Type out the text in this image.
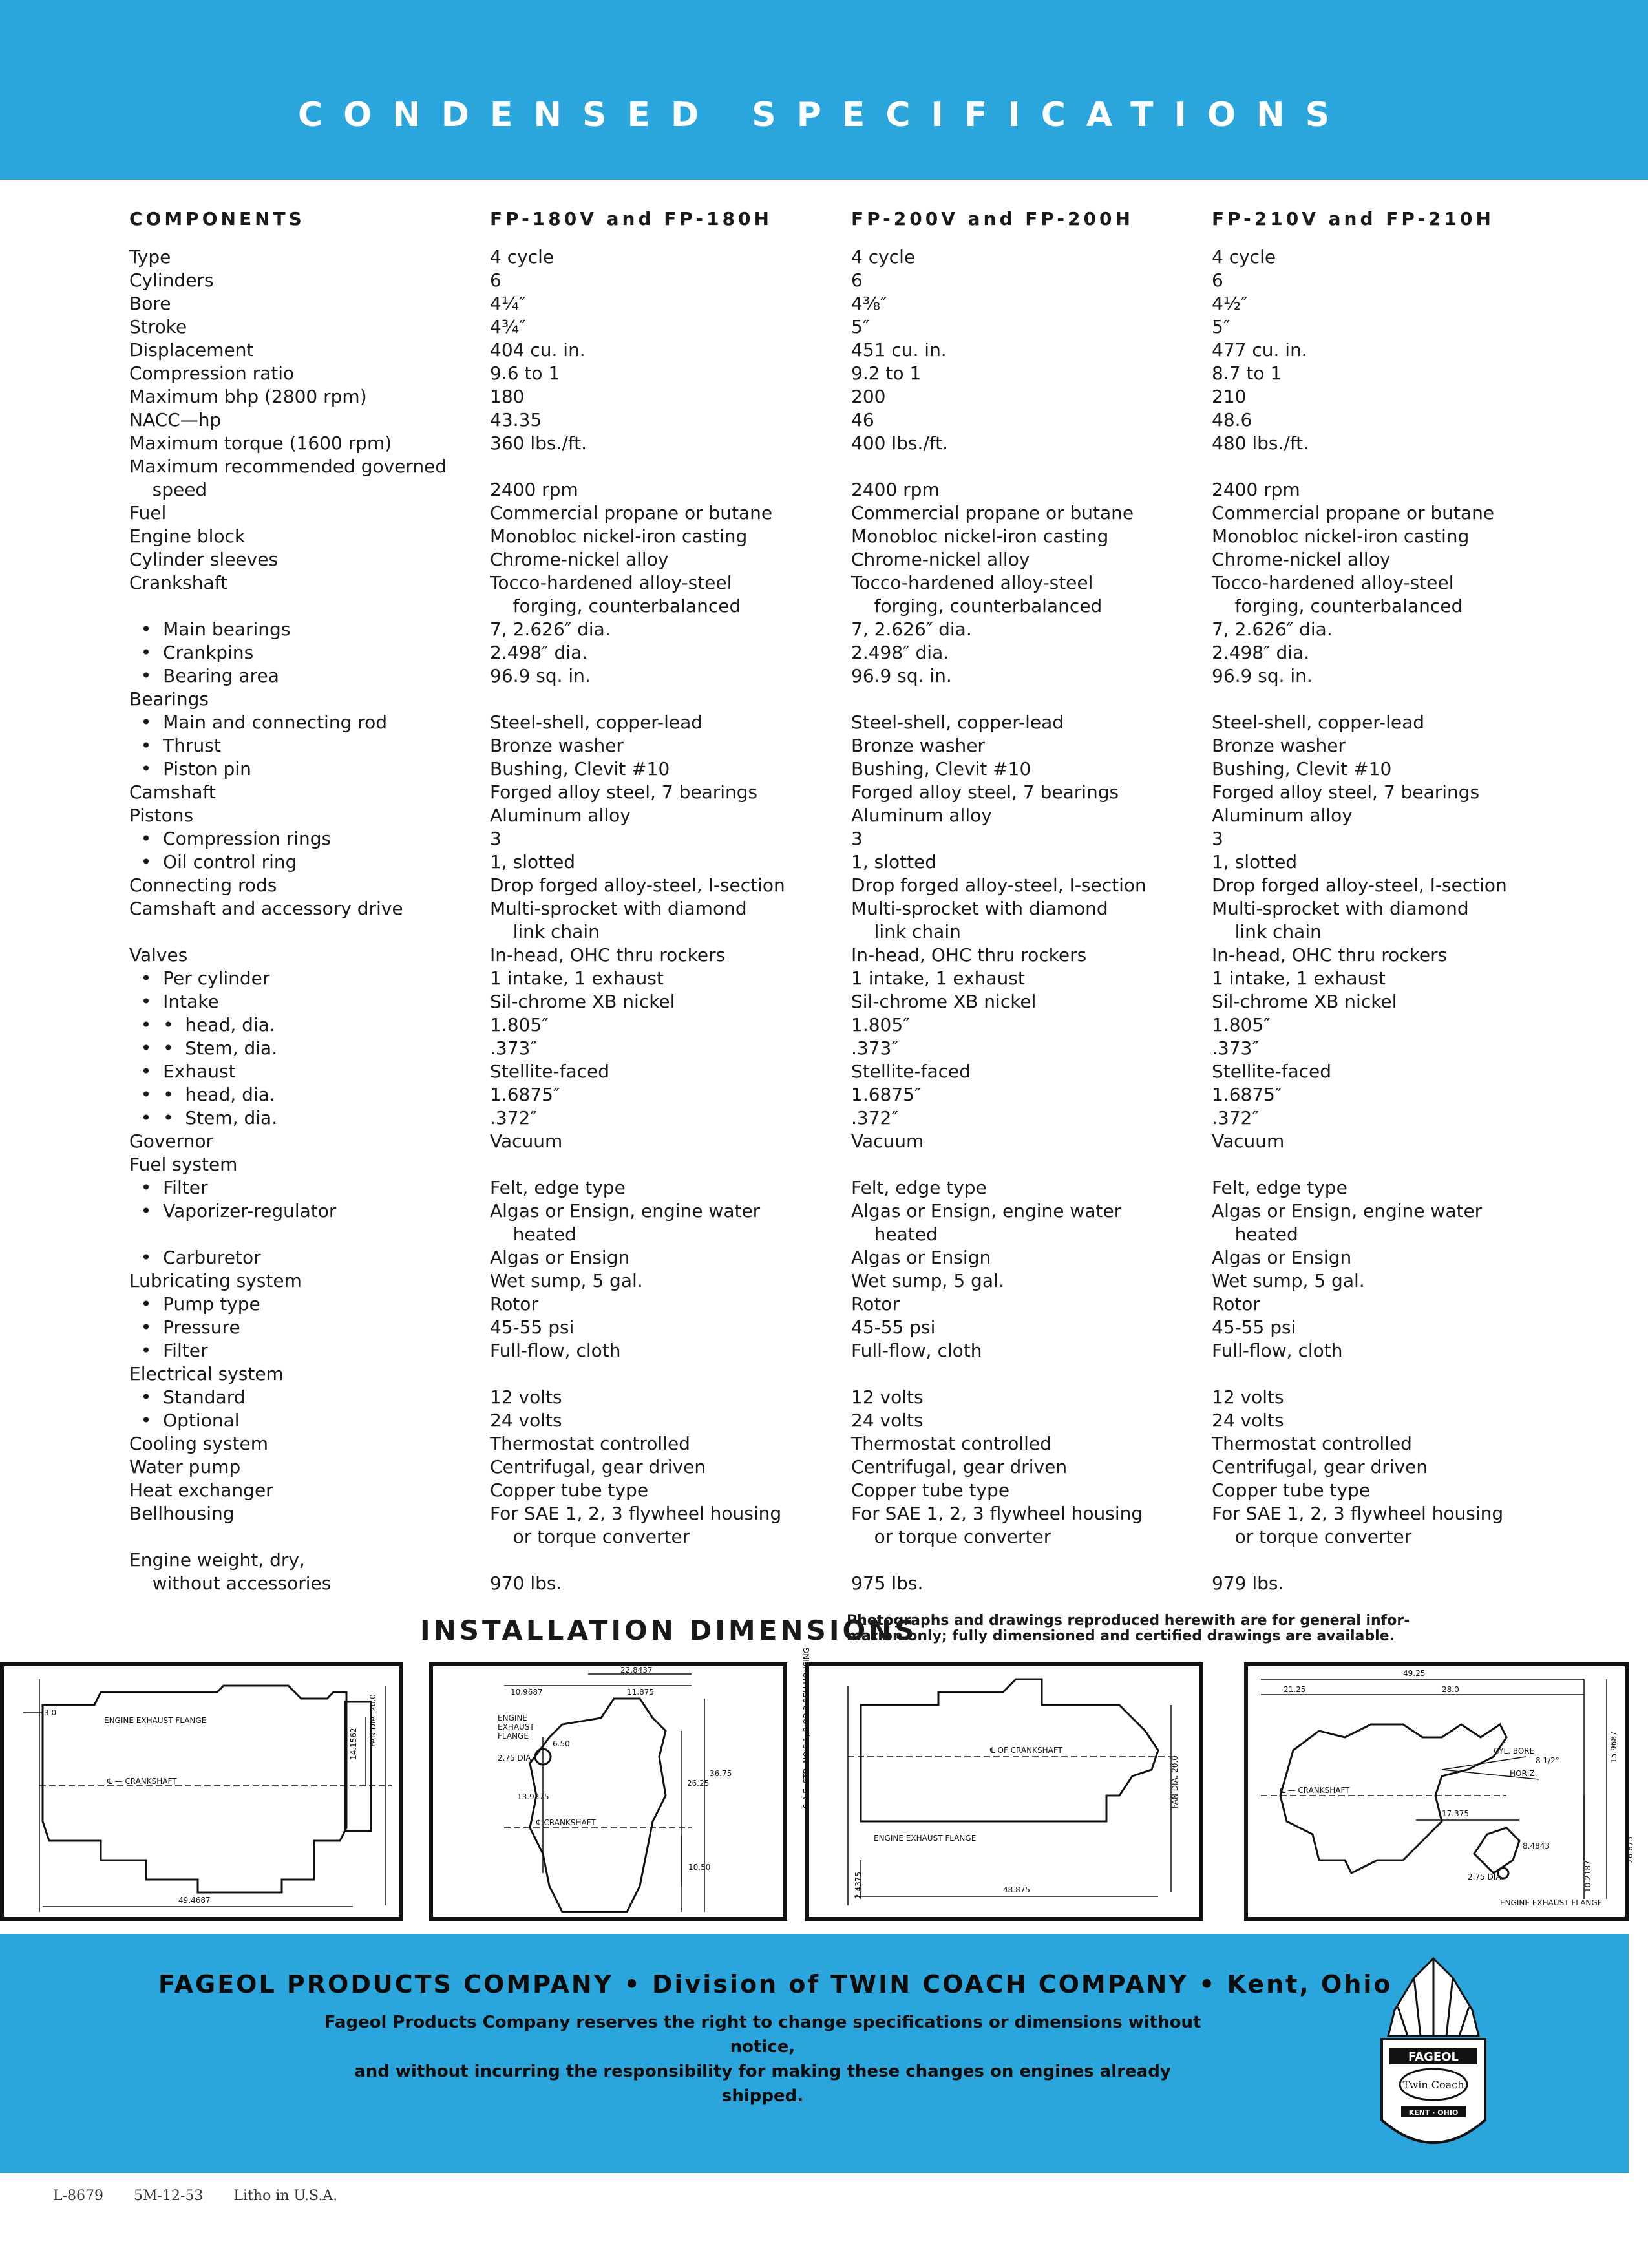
CONDENSED SPECIFICATIONS
COMPONENTS	FP-180V and FP-180H	FP-200V and FP-200H	FP-210V and FP-210H
Type	4 cycle	4 cycle	4 cycle
Cylinders	6	6	6
Bore	4¼″	4⅜″	4½″
Stroke	4¾″	5″	5″
Displacement	404 cu. in.	451 cu. in.	477 cu. in.
Compression ratio	9.6 to 1	9.2 to 1	8.7 to 1
Maximum bhp (2800 rpm)	180	200	210
NACC—hp	43.35	46	48.6
Maximum torque (1600 rpm)	360 lbs./ft.	400 lbs./ft.	480 lbs./ft.
Maximum recommended governed
speed	2400 rpm	2400 rpm	2400 rpm
Fuel	Commercial propane or butane	Commercial propane or butane	Commercial propane or butane
Engine block	Monobloc nickel-iron casting	Monobloc nickel-iron casting	Monobloc nickel-iron casting
Cylinder sleeves	Chrome-nickel alloy	Chrome-nickel alloy	Chrome-nickel alloy
Crankshaft	Tocco-hardened alloy-steel	Tocco-hardened alloy-steel	Tocco-hardened alloy-steel
forging, counterbalanced	forging, counterbalanced	forging, counterbalanced
•  Main bearings	7, 2.626″ dia.	7, 2.626″ dia.	7, 2.626″ dia.
•  Crankpins	2.498″ dia.	2.498″ dia.	2.498″ dia.
•  Bearing area	96.9 sq. in.	96.9 sq. in.	96.9 sq. in.
Bearings
•  Main and connecting rod	Steel-shell, copper-lead	Steel-shell, copper-lead	Steel-shell, copper-lead
•  Thrust	Bronze washer	Bronze washer	Bronze washer
•  Piston pin	Bushing, Clevit #10	Bushing, Clevit #10	Bushing, Clevit #10
Camshaft	Forged alloy steel, 7 bearings	Forged alloy steel, 7 bearings	Forged alloy steel, 7 bearings
Pistons	Aluminum alloy	Aluminum alloy	Aluminum alloy
•  Compression rings	3	3	3
•  Oil control ring	1, slotted	1, slotted	1, slotted
Connecting rods	Drop forged alloy-steel, I-section	Drop forged alloy-steel, I-section	Drop forged alloy-steel, I-section
Camshaft and accessory drive	Multi-sprocket with diamond	Multi-sprocket with diamond	Multi-sprocket with diamond
link chain	link chain	link chain
Valves	In-head, OHC thru rockers	In-head, OHC thru rockers	In-head, OHC thru rockers
•  Per cylinder	1 intake, 1 exhaust	1 intake, 1 exhaust	1 intake, 1 exhaust
•  Intake	Sil-chrome XB nickel	Sil-chrome XB nickel	Sil-chrome XB nickel
•  •  head, dia.	1.805″	1.805″	1.805″
•  •  Stem, dia.	.373″	.373″	.373″
•  Exhaust	Stellite-faced	Stellite-faced	Stellite-faced
•  •  head, dia.	1.6875″	1.6875″	1.6875″
•  •  Stem, dia.	.372″	.372″	.372″
Governor	Vacuum	Vacuum	Vacuum
Fuel system
•  Filter	Felt, edge type	Felt, edge type	Felt, edge type
•  Vaporizer-regulator	Algas or Ensign, engine water	Algas or Ensign, engine water	Algas or Ensign, engine water
heated	heated	heated
•  Carburetor	Algas or Ensign	Algas or Ensign	Algas or Ensign
Lubricating system	Wet sump, 5 gal.	Wet sump, 5 gal.	Wet sump, 5 gal.
•  Pump type	Rotor	Rotor	Rotor
•  Pressure	45-55 psi	45-55 psi	45-55 psi
•  Filter	Full-flow, cloth	Full-flow, cloth	Full-flow, cloth
Electrical system
•  Standard	12 volts	12 volts	12 volts
•  Optional	24 volts	24 volts	24 volts
Cooling system	Thermostat controlled	Thermostat controlled	Thermostat controlled
Water pump	Centrifugal, gear driven	Centrifugal, gear driven	Centrifugal, gear driven
Heat exchanger	Copper tube type	Copper tube type	Copper tube type
Bellhousing	For SAE 1, 2, 3 flywheel housing	For SAE 1, 2, 3 flywheel housing	For SAE 1, 2, 3 flywheel housing
or torque converter	or torque converter	or torque converter
Engine weight, dry,
without accessories	970 lbs.	975 lbs.	979 lbs.
INSTALLATION DIMENSIONS
Photographs and drawings reproduced herewith are for general infor-
mation only; fully dimensioned and certified drawings are available.
3.0
ENGINE EXHAUST FLANGE
14.1562 FAN DIA. 20.0
℄ — CRANKSHAFT
49.4687
22.8437
10.9687	11.875
ENGINE
EXHAUST
FLANGE
6.50
2.75 DIA.
13.9375
36.75
26.25
℄ CRANKSHAFT
10.50
S.A.E. STD. NO'S 1, 2 OR 3 BELLHOUSING	℄ OF CRANKSHAFT
FAN DIA. 20.0
ENGINE EXHAUST FLANGE
2.4375	48.875
49.25
21.25	28.0
CYL. BORE
HORIZ.
8 1/2°
℄ — CRANKSHAFT
17.375
8.4843
2.75 DIA.
ENGINE EXHAUST FLANGE
15.9687
26.875
10.2187
FAGEOL PRODUCTS COMPANY • Division of TWIN COACH COMPANY • Kent, Ohio
Fageol Products Company reserves the right to change specifications or dimensions without notice,
and without incurring the responsibility for making these changes on engines already shipped.
FAGEOL
Twin Coach
KENT · OHIO
L-8679 5M-12-53 Litho in U.S.A.
